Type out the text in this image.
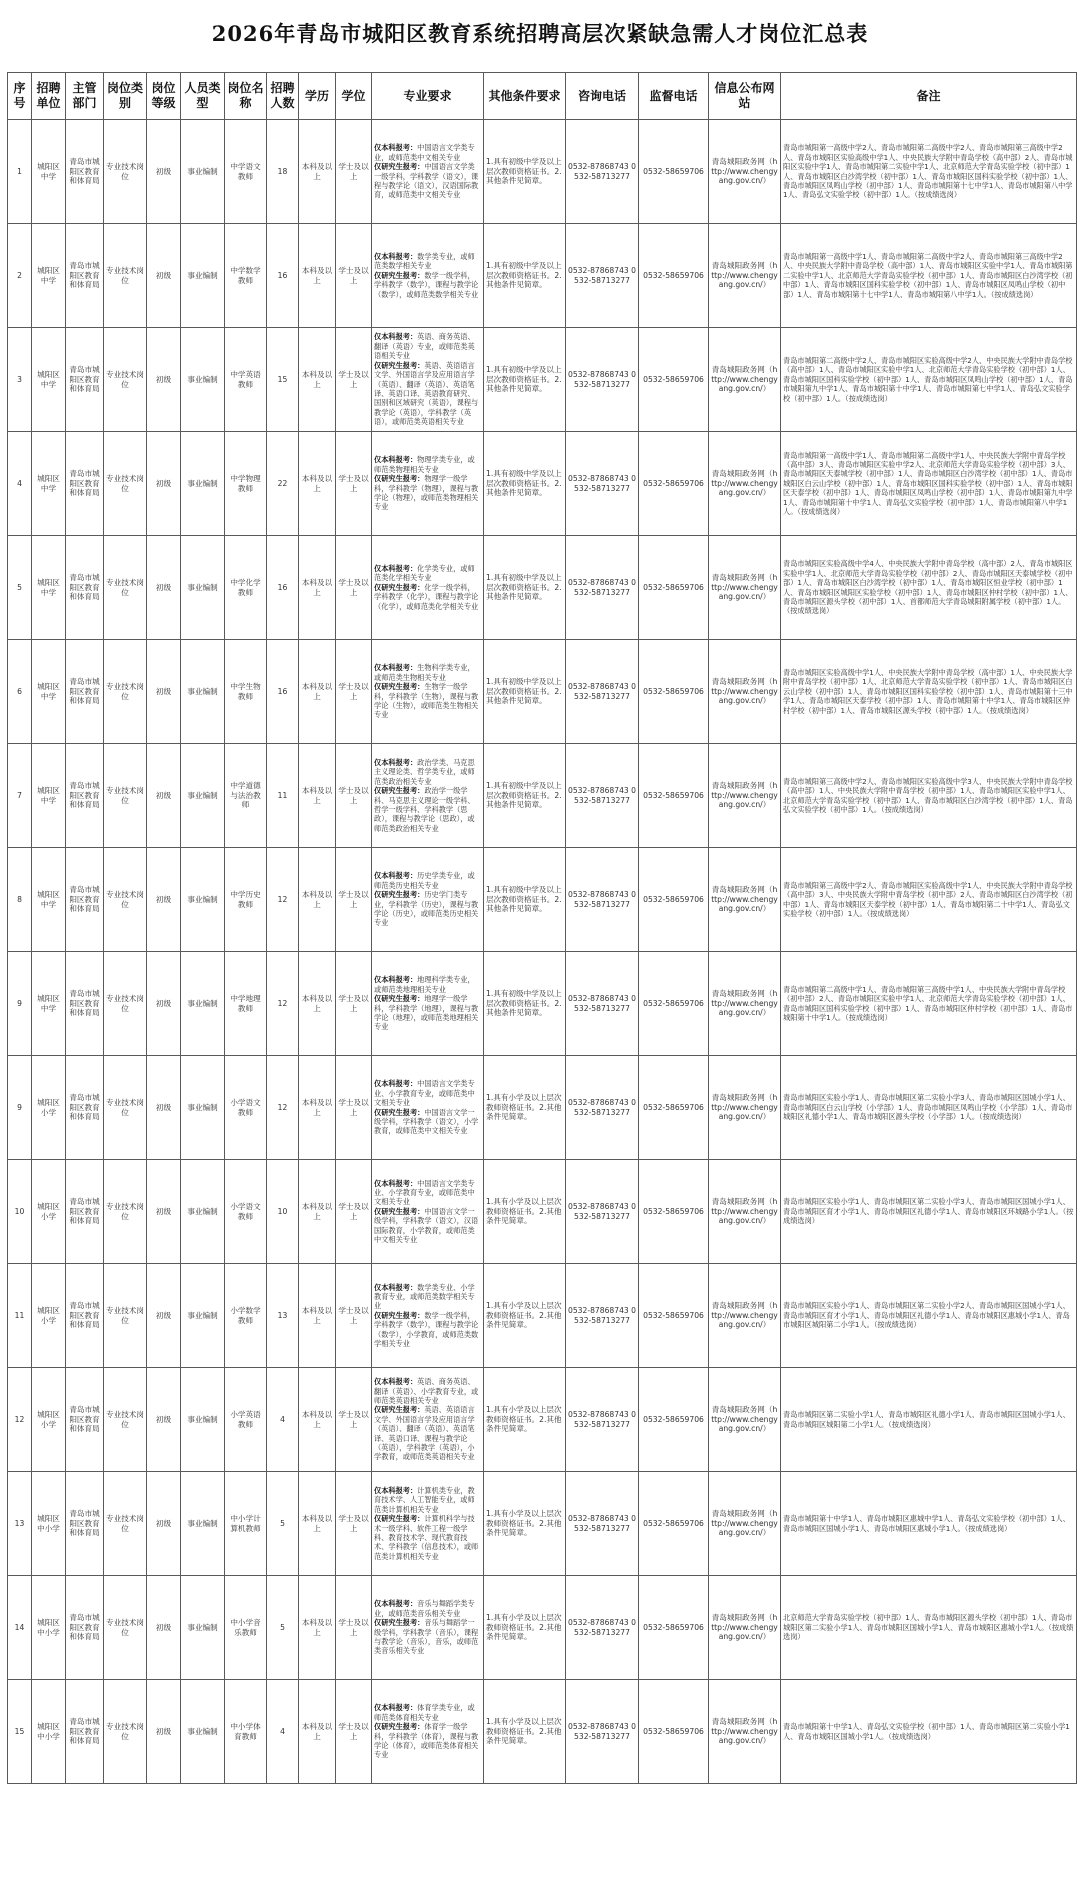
2026年青岛市城阳区教育系统招聘高层次紧缺急需人才岗位汇总表
序号	招聘单位	主管部门	岗位类别	岗位等级	人员类型	岗位名称	招聘人数	学历	学位	专业要求	其他条件要求	咨询电话	监督电话	信息公布网站	备注
1	城阳区中学	青岛市城阳区教育和体育局	专业技术岗位	初级	事业编制	中学语文教师	18	本科及以上	学士及以上	仅本科报考：中国语言文学类专业，或师范类中文相关专业
仅研究生报考：中国语言文学类一级学科，学科教学（语文），课程与教学论（语文），汉语国际教育，或师范类中文相关专业	1.具有初级中学及以上层次教师资格证书。2.其他条件见简章。	0532-87868743 0532-58713277	0532-58659706	青岛城阳政务网（http://www.chengyang.gov.cn/）	青岛市城阳第一高级中学2人、青岛市城阳第二高级中学2人、青岛市城阳第三高级中学2人、青岛市城阳区实验高级中学1人、中央民族大学附中青岛学校（高中部）2人、青岛市城阳区实验中学1人、青岛市城阳第二实验中学1人、北京师范大学青岛实验学校（初中部）1人、青岛市城阳区白沙湾学校（初中部）1人、青岛市城阳区国科实验学校（初中部）1人、青岛市城阳区凤鸣山学校（初中部）1人、青岛市城阳第十七中学1人、青岛市城阳第八中学1人、青岛弘文实验学校（初中部）1人。（按成绩选岗）
2	城阳区中学	青岛市城阳区教育和体育局	专业技术岗位	初级	事业编制	中学数学教师	16	本科及以上	学士及以上	仅本科报考：数学类专业，或师范类数学相关专业
仅研究生报考：数学一级学科，学科教学（数学），课程与教学论（数学），或师范类数学相关专业	1.具有初级中学及以上层次教师资格证书。2.其他条件见简章。	0532-87868743 0532-58713277	0532-58659706	青岛城阳政务网（http://www.chengyang.gov.cn/）	青岛市城阳第一高级中学1人、青岛市城阳第二高级中学2人、青岛市城阳第三高级中学2人、中央民族大学附中青岛学校（高中部）1人、青岛市城阳区实验中学1人、青岛市城阳第二实验中学1人、北京师范大学青岛实验学校（初中部）1人、青岛市城阳区白沙湾学校（初中部）1人、青岛市城阳区国科实验学校（初中部）1人、青岛市城阳区凤鸣山学校（初中部）1人、青岛市城阳第十七中学1人、青岛市城阳第八中学1人。（按成绩选岗）
3	城阳区中学	青岛市城阳区教育和体育局	专业技术岗位	初级	事业编制	中学英语教师	15	本科及以上	学士及以上	仅本科报考：英语、商务英语、翻译（英语）专业，或师范类英语相关专业
仅研究生报考：英语、英语语言文学、外国语言学及应用语言学（英语）、翻译（英语）、英语笔译、英语口译、英语教育研究、国别和区域研究（英语），课程与教学论（英语），学科教学（英语），或师范类英语相关专业	1.具有初级中学及以上层次教师资格证书。2.其他条件见简章。	0532-87868743 0532-58713277	0532-58659706	青岛城阳政务网（http://www.chengyang.gov.cn/）	青岛市城阳第二高级中学2人、青岛市城阳区实验高级中学2人、中央民族大学附中青岛学校（高中部）1人、青岛市城阳区实验中学1人、北京师范大学青岛实验学校（初中部）1人、青岛市城阳区国科实验学校（初中部）1人、青岛市城阳区凤鸣山学校（初中部）1人、青岛市城阳第九中学1人、青岛市城阳第十中学1人、青岛市城阳第七中学1人、青岛弘文实验学校（初中部）1人。（按成绩选岗）
4	城阳区中学	青岛市城阳区教育和体育局	专业技术岗位	初级	事业编制	中学物理教师	22	本科及以上	学士及以上	仅本科报考：物理学类专业，或师范类物理相关专业
仅研究生报考：物理学一级学科，学科教学（物理），课程与教学论（物理），或师范类物理相关专业	1.具有初级中学及以上层次教师资格证书。2.其他条件见简章。	0532-87868743 0532-58713277	0532-58659706	青岛城阳政务网（http://www.chengyang.gov.cn/）	青岛市城阳第一高级中学1人、青岛市城阳第二高级中学1人、中央民族大学附中青岛学校（高中部）3人、青岛市城阳区实验中学2人、北京师范大学青岛实验学校（初中部）3人、青岛市城阳区天泰城学校（初中部）1人、青岛市城阳区白沙湾学校（初中部）1人、青岛市城阳区白云山学校（初中部）1人、青岛市城阳区国科实验学校（初中部）1人、青岛市城阳区天泰学校（初中部）1人、青岛市城阳区凤鸣山学校（初中部）1人、青岛市城阳第九中学1人、青岛市城阳第十中学1人、青岛弘文实验学校（初中部）1人、青岛市城阳第八中学1人。（按成绩选岗）
5	城阳区中学	青岛市城阳区教育和体育局	专业技术岗位	初级	事业编制	中学化学教师	16	本科及以上	学士及以上	仅本科报考：化学类专业，或师范类化学相关专业
仅研究生报考：化学一级学科，学科教学（化学），课程与教学论（化学），或师范类化学相关专业	1.具有初级中学及以上层次教师资格证书。2.其他条件见简章。	0532-87868743 0532-58713277	0532-58659706	青岛城阳政务网（http://www.chengyang.gov.cn/）	青岛市城阳区实验高级中学4人、中央民族大学附中青岛学校（高中部）2人、青岛市城阳区实验中学1人、北京师范大学青岛实验学校（初中部）2人、青岛市城阳区天泰城学校（初中部）1人、青岛市城阳区白沙湾学校（初中部）1人、青岛市城阳区恒业学校（初中部）1人、青岛市城阳区城阳区实验学校（初中部）1人、青岛市城阳区仲村学校（初中部）1人、青岛市城阳区源头学校（初中部）1人、首都师范大学青岛城阳附属学校（初中部）1人。（按成绩选岗）
6	城阳区中学	青岛市城阳区教育和体育局	专业技术岗位	初级	事业编制	中学生物教师	16	本科及以上	学士及以上	仅本科报考：生物科学类专业，或师范类生物相关专业
仅研究生报考：生物学一级学科，学科教学（生物），课程与教学论（生物），或师范类生物相关专业	1.具有初级中学及以上层次教师资格证书。2.其他条件见简章。	0532-87868743 0532-58713277	0532-58659706	青岛城阳政务网（http://www.chengyang.gov.cn/）	青岛市城阳区实验高级中学1人、中央民族大学附中青岛学校（高中部）1人、中央民族大学附中青岛学校（初中部）1人、北京师范大学青岛实验学校（初中部）1人、青岛市城阳区白云山学校（初中部）1人、青岛市城阳区国科实验学校（初中部）1人、青岛市城阳第十三中学1人、青岛市城阳区天泰学校（初中部）1人、青岛市城阳第十中学1人、青岛市城阳区仲村学校（初中部）1人、青岛市城阳区源头学校（初中部）1人。（按成绩选岗）
7	城阳区中学	青岛市城阳区教育和体育局	专业技术岗位	初级	事业编制	中学道德与法治教师	11	本科及以上	学士及以上	仅本科报考：政治学类、马克思主义理论类、哲学类专业，或师范类政治相关专业
仅研究生报考：政治学一级学科、马克思主义理论一级学科、哲学一级学科、学科教学（思政），课程与教学论（思政），或师范类政治相关专业	1.具有初级中学及以上层次教师资格证书。2.其他条件见简章。	0532-87868743 0532-58713277	0532-58659706	青岛城阳政务网（http://www.chengyang.gov.cn/）	青岛市城阳第三高级中学2人、青岛市城阳区实验高级中学3人、中央民族大学附中青岛学校（高中部）1人、中央民族大学附中青岛学校（初中部）1人、青岛市城阳区实验中学1人、北京师范大学青岛实验学校（初中部）1人、青岛市城阳区白沙湾学校（初中部）1人、青岛弘文实验学校（初中部）1人。（按成绩选岗）
8	城阳区中学	青岛市城阳区教育和体育局	专业技术岗位	初级	事业编制	中学历史教师	12	本科及以上	学士及以上	仅本科报考：历史学类专业，或师范类历史相关专业
仅研究生报考：历史学门类专业，学科教学（历史），课程与教学论（历史），或师范类历史相关专业	1.具有初级中学及以上层次教师资格证书。2.其他条件见简章。	0532-87868743 0532-58713277	0532-58659706	青岛城阳政务网（http://www.chengyang.gov.cn/）	青岛市城阳第三高级中学2人、青岛市城阳区实验高级中学1人、中央民族大学附中青岛学校（高中部）3人、中央民族大学附中青岛学校（初中部）2人、青岛市城阳区白沙湾学校（初中部）1人、青岛市城阳区天泰学校（初中部）1人、青岛市城阳第二十中学1人、青岛弘文实验学校（初中部）1人。（按成绩选岗）
9	城阳区中学	青岛市城阳区教育和体育局	专业技术岗位	初级	事业编制	中学地理教师	12	本科及以上	学士及以上	仅本科报考：地理科学类专业，或师范类地理相关专业
仅研究生报考：地理学一级学科，学科教学（地理），课程与教学论（地理），或师范类地理相关专业	1.具有初级中学及以上层次教师资格证书。2.其他条件见简章。	0532-87868743 0532-58713277	0532-58659706	青岛城阳政务网（http://www.chengyang.gov.cn/）	青岛市城阳第二高级中学1人、青岛市城阳第三高级中学1人、中央民族大学附中青岛学校（初中部）2人、青岛市城阳区实验中学1人、北京师范大学青岛实验学校（初中部）1人、青岛市城阳区国科实验学校（初中部）1人、青岛市城阳区仲村学校（初中部）1人、青岛市城阳第十中学1人。（按成绩选岗）
9	城阳区小学	青岛市城阳区教育和体育局	专业技术岗位	初级	事业编制	小学语文教师	12	本科及以上	学士及以上	仅本科报考：中国语言文学类专业、小学教育专业，或师范类中文相关专业
仅研究生报考：中国语言文学一级学科，学科教学（语文），小学教育，或师范类中文相关专业	1.具有小学及以上层次教师资格证书。2.其他条件见简章。	0532-87868743 0532-58713277	0532-58659706	青岛城阳政务网（http://www.chengyang.gov.cn/）	青岛市城阳区实验小学1人、青岛市城阳区第二实验小学3人、青岛市城阳区国城小学1人、青岛市城阳区白云山学校（小学部）1人、青岛市城阳区凤鸣山学校（小学部）1人、青岛市城阳区礼德小学1人、青岛市城阳区源头学校（小学部）1人。（按成绩选岗）
10	城阳区小学	青岛市城阳区教育和体育局	专业技术岗位	初级	事业编制	小学语文教师	10	本科及以上	学士及以上	仅本科报考：中国语言文学类专业、小学教育专业，或师范类中文相关专业
仅研究生报考：中国语言文学一级学科，学科教学（语文），汉语国际教育，小学教育，或师范类中文相关专业	1.具有小学及以上层次教师资格证书。2.其他条件见简章。	0532-87868743 0532-58713277	0532-58659706	青岛城阳政务网（http://www.chengyang.gov.cn/）	青岛市城阳区实验小学1人、青岛市城阳区第二实验小学3人、青岛市城阳区国城小学1人、青岛市城阳区育才小学1人、青岛市城阳区礼德小学1人、青岛市城阳区环城路小学1人。（按成绩选岗）
11	城阳区小学	青岛市城阳区教育和体育局	专业技术岗位	初级	事业编制	小学数学教师	13	本科及以上	学士及以上	仅本科报考：数学类专业、小学教育专业，或师范类数学相关专业
仅研究生报考：数学一级学科，学科教学（数学），课程与教学论（数学），小学教育，或师范类数学相关专业	1.具有小学及以上层次教师资格证书。2.其他条件见简章。	0532-87868743 0532-58713277	0532-58659706	青岛城阳政务网（http://www.chengyang.gov.cn/）	青岛市城阳区实验小学1人、青岛市城阳区第二实验小学2人、青岛市城阳区国城小学1人、青岛市城阳区育才小学1人、青岛市城阳区礼德小学1人、青岛市城阳区惠城小学1人、青岛市城阳区城阳第二小学1人。（按成绩选岗）
12	城阳区小学	青岛市城阳区教育和体育局	专业技术岗位	初级	事业编制	小学英语教师	4	本科及以上	学士及以上	仅本科报考：英语、商务英语、翻译（英语）、小学教育专业，或师范类英语相关专业
仅研究生报考：英语、英语语言文学、外国语言学及应用语言学（英语）、翻译（英语）、英语笔译、英语口译、课程与教学论（英语），学科教学（英语），小学教育，或师范类英语相关专业	1.具有小学及以上层次教师资格证书。2.其他条件见简章。	0532-87868743 0532-58713277	0532-58659706	青岛城阳政务网（http://www.chengyang.gov.cn/）	青岛市城阳区第二实验小学1人、青岛市城阳区礼德小学1人、青岛市城阳区国城小学1人、青岛市城阳区城阳第二小学1人。（按成绩选岗）
13	城阳区中小学	青岛市城阳区教育和体育局	专业技术岗位	初级	事业编制	中小学计算机教师	5	本科及以上	学士及以上	仅本科报考：计算机类专业，教育技术学、人工智能专业，或师范类计算机相关专业
仅研究生报考：计算机科学与技术一级学科、软件工程一级学科、教育技术学、现代教育技术、学科教学（信息技术），或师范类计算机相关专业	1.具有小学及以上层次教师资格证书。2.其他条件见简章。	0532-87868743 0532-58713277	0532-58659706	青岛城阳政务网（http://www.chengyang.gov.cn/）	青岛市城阳第十中学1人、青岛市城阳区惠城中学1人、青岛弘文实验学校（初中部）1人、青岛市城阳区国城小学1人、青岛市城阳区惠城小学1人。（按成绩选岗）
14	城阳区中小学	青岛市城阳区教育和体育局	专业技术岗位	初级	事业编制	中小学音乐教师	5	本科及以上	学士及以上	仅本科报考：音乐与舞蹈学类专业，或师范类音乐相关专业
仅研究生报考：音乐与舞蹈学一级学科，学科教学（音乐），课程与教学论（音乐），音乐，或师范类音乐相关专业	1.具有小学及以上层次教师资格证书。2.其他条件见简章。	0532-87868743 0532-58713277	0532-58659706	青岛城阳政务网（http://www.chengyang.gov.cn/）	北京师范大学青岛实验学校（初中部）1人、青岛市城阳区源头学校（初中部）1人、青岛市城阳区第二实验小学1人、青岛市城阳区国城小学1人、青岛市城阳区惠城小学1人。（按成绩选岗）
15	城阳区中小学	青岛市城阳区教育和体育局	专业技术岗位	初级	事业编制	中小学体育教师	4	本科及以上	学士及以上	仅本科报考：体育学类专业，或师范类体育相关专业
仅研究生报考：体育学一级学科，学科教学（体育），课程与教学论（体育），或师范类体育相关专业	1.具有小学及以上层次教师资格证书。2.其他条件见简章。	0532-87868743 0532-58713277	0532-58659706	青岛城阳政务网（http://www.chengyang.gov.cn/）	青岛市城阳第十中学1人、青岛弘文实验学校（初中部）1人、青岛市城阳区第二实验小学1人、青岛市城阳区国城小学1人。（按成绩选岗）
